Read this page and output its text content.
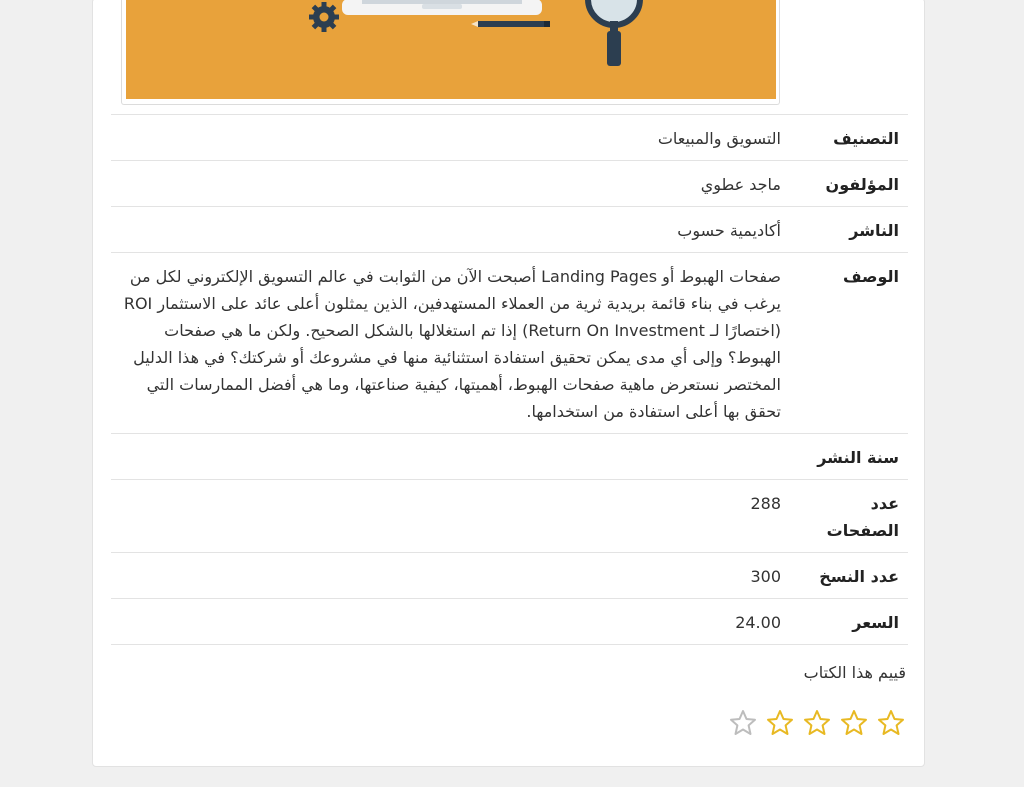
التصنيف	التسويق والمبيعات
المؤلفون	ماجد عطوي
الناشر	أكاديمية حسوب
الوصف	صفحات الهبوط أو Landing Pages أصبحت الآن من الثوابت في عالم التسويق الإلكتروني لكل من يرغب في بناء قائمة بريدية ثرية من العملاء المستهدفين، الذين يمثلون أعلى عائد على الاستثمار ROI (اختصارًا لـ Return On Investment) إذا تم استغلالها بالشكل الصحيح. ولكن ما هي صفحات الهبوط؟ وإلى أي مدى يمكن تحقيق استفادة استثنائية منها في مشروعك أو شركتك؟ في هذا الدليل المختصر نستعرض ماهية صفحات الهبوط، أهميتها، كيفية صناعتها، وما هي أفضل الممارسات التي تحقق بها أعلى استفادة من استخدامها.
سنة النشر	
عدد الصفحات	288
عدد النسخ	300
السعر	24.00
قييم هذا الكتاب
